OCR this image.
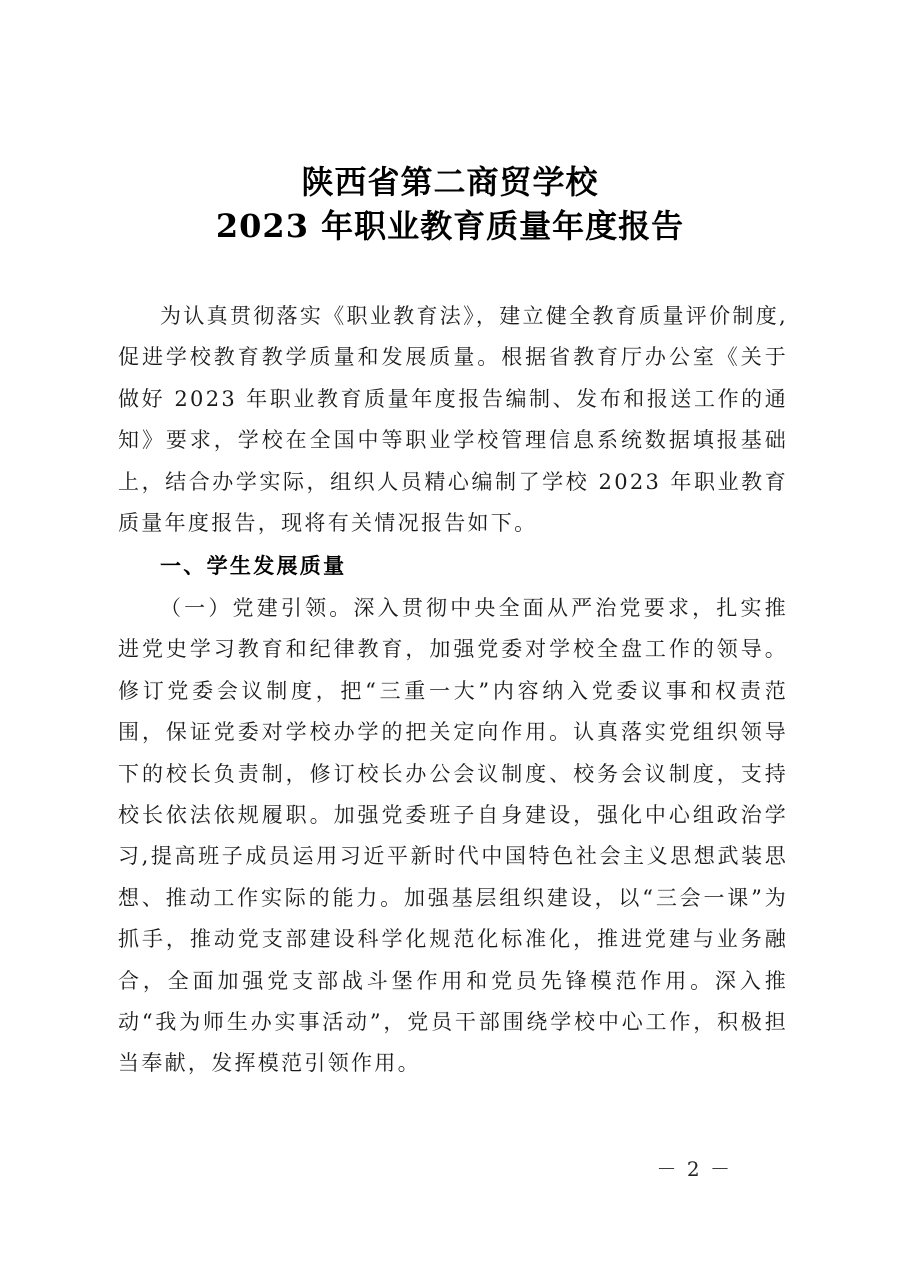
陕西省第二商贸学校
2023 年职业教育质量年度报告

为认真贯彻落实《职业教育法》，建立健全教育质量评价制度,促进学校教育教学质量和发展质量。根据省教育厅办公室《关于做好 2023 年职业教育质量年度报告编制、发布和报送工作的通知》要求，学校在全国中等职业学校管理信息系统数据填报基础上，结合办学实际，组织人员精心编制了学校 2023 年职业教育质量年度报告，现将有关情况报告如下。

一、学生发展质量

（一）党建引领。深入贯彻中央全面从严治党要求，扎实推进党史学习教育和纪律教育，加强党委对学校全盘工作的领导。修订党委会议制度，把“三重一大”内容纳入党委议事和权责范围，保证党委对学校办学的把关定向作用。认真落实党组织领导下的校长负责制，修订校长办公会议制度、校务会议制度，支持校长依法依规履职。加强党委班子自身建设，强化中心组政治学习,提高班子成员运用习近平新时代中国特色社会主义思想武装思想、推动工作实际的能力。加强基层组织建设，以“三会一课”为抓手，推动党支部建设科学化规范化标准化，推进党建与业务融合，全面加强党支部战斗堡作用和党员先锋模范作用。深入推动“我为师生办实事活动”，党员干部围绕学校中心工作，积极担当奉献，发挥模范引领作用。

－ 2 －
